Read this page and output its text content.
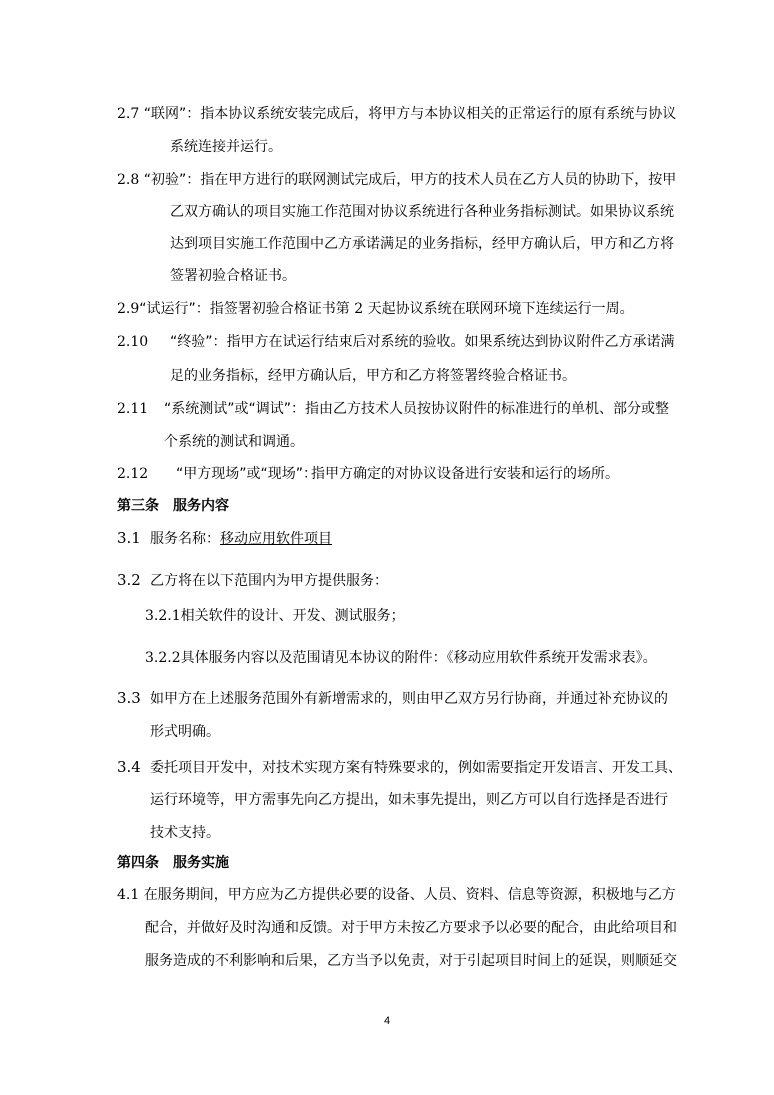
2.7 “联网”：指本协议系统安装完成后，将甲方与本协议相关的正常运行的原有系统与协议
系统连接并运行。
2.8 “初验”：指在甲方进行的联网测试完成后，甲方的技术人员在乙方人员的协助下，按甲
乙双方确认的项目实施工作范围对协议系统进行各种业务指标测试。如果协议系统
达到项目实施工作范围中乙方承诺满足的业务指标，经甲方确认后，甲方和乙方将
签署初验合格证书。
2.9“试运行”：指签署初验合格证书第 2 天起协议系统在联网环境下连续运行一周。
2.10 “终验”：指甲方在试运行结束后对系统的验收。如果系统达到协议附件乙方承诺满
足的业务指标，经甲方确认后，甲方和乙方将签署终验合格证书。
2.11 “系统测试”或“调试”：指由乙方技术人员按协议附件的标准进行的单机、部分或整
个系统的测试和调通。
2.12 “甲方现场”或“现场”：
指甲方确定的对协议设备进行安装和运行的场所。
第三条　服务内容
3.1 服务名称：移动应用软件项目
3.2 乙方将在以下范围内为甲方提供服务：
3.2.1相关软件的设计、开发、测试服务；
3.2.2具体服务内容以及范围请见本协议的附件：《移动应用软件系统开发需求表》。
3.3 如甲方在上述服务范围外有新增需求的，则由甲乙双方另行协商，并通过补充协议的
形式明确。
3.4 委托项目开发中，对技术实现方案有特殊要求的，例如需要指定开发语言、开发工具、
运行环境等，甲方需事先向乙方提出，如未事先提出，则乙方可以自行选择是否进行
技术支持。
第四条　服务实施
4.1 在服务期间，甲方应为乙方提供必要的设备、人员、资料、信息等资源，积极地与乙方
配合，并做好及时沟通和反馈。对于甲方未按乙方要求予以必要的配合，由此给项目和
服务造成的不利影响和后果，乙方当予以免责，对于引起项目时间上的延误，则顺延交
4
